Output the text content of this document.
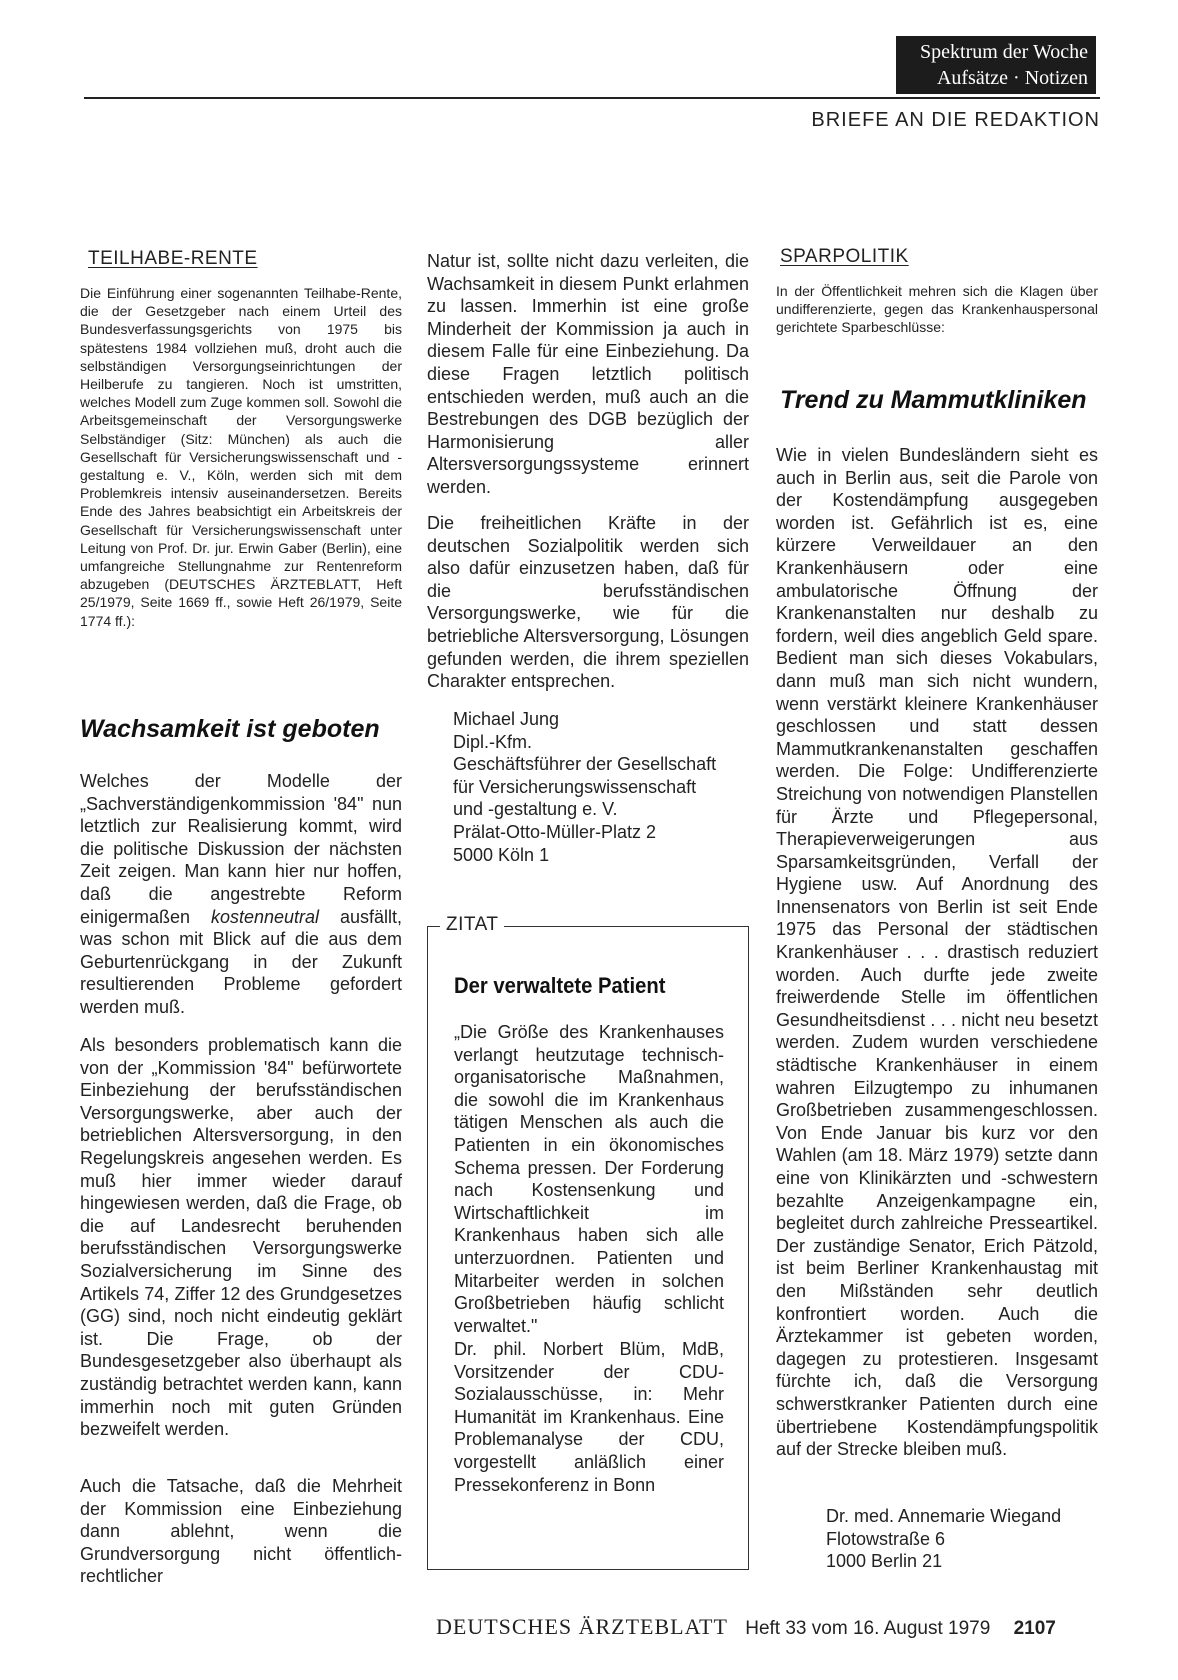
Spektrum der Woche
Aufsätze · Notizen
BRIEFE AN DIE REDAKTION
TEILHABE-RENTE

Die Einführung einer sogenannten Teilhabe-Rente, die der Gesetzgeber nach einem Urteil des Bundesverfassungsgerichts von 1975 bis spätestens 1984 vollziehen muß, droht auch die selbständigen Versorgungseinrichtungen der Heilberufe zu tangieren. Noch ist umstritten, welches Modell zum Zuge kommen soll. Sowohl die Arbeitsgemeinschaft der Versorgungswerke Selbständiger (Sitz: München) als auch die Gesellschaft für Versicherungswissenschaft und -gestaltung e. V., Köln, werden sich mit dem Problemkreis intensiv auseinandersetzen. Bereits Ende des Jahres beabsichtigt ein Arbeitskreis der Gesellschaft für Versicherungswissenschaft unter Leitung von Prof. Dr. jur. Erwin Gaber (Berlin), eine umfangreiche Stellungnahme zur Rentenreform abzugeben (DEUTSCHES ÄRZTEBLATT, Heft 25/1979, Seite 1669 ff., sowie Heft 26/1979, Seite 1774 ff.):

Wachsamkeit ist geboten

Welches der Modelle der „Sachverständigenkommission '84" nun letztlich zur Realisierung kommt, wird die politische Diskussion der nächsten Zeit zeigen. Man kann hier nur hoffen, daß die angestrebte Reform einigermaßen kostenneutral ausfällt, was schon mit Blick auf die aus dem Geburtenrückgang in der Zukunft resultierenden Probleme gefordert werden muß.

Als besonders problematisch kann die von der „Kommission '84" befürwortete Einbeziehung der berufsständischen Versorgungswerke, aber auch der betrieblichen Altersversorgung, in den Regelungskreis angesehen werden. Es muß hier immer wieder darauf hingewiesen werden, daß die Frage, ob die auf Landesrecht beruhenden berufsständischen Versorgungswerke Sozialversicherung im Sinne des Artikels 74, Ziffer 12 des Grundgesetzes (GG) sind, noch nicht eindeutig geklärt ist. Die Frage, ob der Bundesgesetzgeber also überhaupt als zuständig betrachtet werden kann, kann immerhin noch mit guten Gründen bezweifelt werden.

Auch die Tatsache, daß die Mehrheit der Kommission eine Einbeziehung dann ablehnt, wenn die Grundversorgung nicht öffentlich-rechtlicher

Natur ist, sollte nicht dazu verleiten, die Wachsamkeit in diesem Punkt erlahmen zu lassen. Immerhin ist eine große Minderheit der Kommission ja auch in diesem Falle für eine Einbeziehung. Da diese Fragen letztlich politisch entschieden werden, muß auch an die Bestrebungen des DGB bezüglich der Harmonisierung aller Altersversorgungssysteme erinnert werden.

Die freiheitlichen Kräfte in der deutschen Sozialpolitik werden sich also dafür einzusetzen haben, daß für die berufsständischen Versorgungswerke, wie für die betriebliche Altersversorgung, Lösungen gefunden werden, die ihrem speziellen Charakter entsprechen.

Michael Jung
Dipl.-Kfm.
Geschäftsführer der Gesellschaft
für Versicherungswissenschaft
und -gestaltung e. V.
Prälat-Otto-Müller-Platz 2
5000 Köln 1
Der verwaltete Patient

„Die Größe des Krankenhauses verlangt heutzutage technisch-organisatorische Maßnahmen, die sowohl die im Krankenhaus tätigen Menschen als auch die Patienten in ein ökonomisches Schema pressen. Der Forderung nach Kostensenkung und Wirtschaftlichkeit im Krankenhaus haben sich alle unterzuordnen. Patienten und Mitarbeiter werden in solchen Großbetrieben häufig schlicht verwaltet."

Dr. phil. Norbert Blüm, MdB, Vorsitzender der CDU-Sozialausschüsse, in: Mehr Humanität im Krankenhaus. Eine Problemanalyse der CDU, vorgestellt anläßlich einer Pressekonferenz in Bonn

ZITAT
SPARPOLITIK

In der Öffentlichkeit mehren sich die Klagen über undifferenzierte, gegen das Krankenhauspersonal gerichtete Sparbeschlüsse:

Trend zu Mammutkliniken

Wie in vielen Bundesländern sieht es auch in Berlin aus, seit die Parole von der Kostendämpfung ausgegeben worden ist. Gefährlich ist es, eine kürzere Verweildauer an den Krankenhäusern oder eine ambulatorische Öffnung der Krankenanstalten nur deshalb zu fordern, weil dies angeblich Geld spare. Bedient man sich dieses Vokabulars, dann muß man sich nicht wundern, wenn verstärkt kleinere Krankenhäuser geschlossen und statt dessen Mammutkrankenanstalten geschaffen werden. Die Folge: Undifferenzierte Streichung von notwendigen Planstellen für Ärzte und Pflegepersonal, Therapieverweigerungen aus Sparsamkeitsgründen, Verfall der Hygiene usw. Auf Anordnung des Innensenators von Berlin ist seit Ende 1975 das Personal der städtischen Krankenhäuser . . . drastisch reduziert worden. Auch durfte jede zweite freiwerdende Stelle im öffentlichen Gesundheitsdienst . . . nicht neu besetzt werden. Zudem wurden verschiedene städtische Krankenhäuser in einem wahren Eilzugtempo zu inhumanen Großbetrieben zusammengeschlossen. Von Ende Januar bis kurz vor den Wahlen (am 18. März 1979) setzte dann eine von Klinikärzten und -schwestern bezahlte Anzeigenkampagne ein, begleitet durch zahlreiche Presseartikel. Der zuständige Senator, Erich Pätzold, ist beim Berliner Krankenhaustag mit den Mißständen sehr deutlich konfrontiert worden. Auch die Ärztekammer ist gebeten worden, dagegen zu protestieren. Insgesamt fürchte ich, daß die Versorgung schwerstkranker Patienten durch eine übertriebene Kostendämpfungspolitik auf der Strecke bleiben muß.

Dr. med. Annemarie Wiegand
Flotowstraße 6
1000 Berlin 21
DEUTSCHES ÄRZTEBLATT Heft 33 vom 16. August 1979 2107
